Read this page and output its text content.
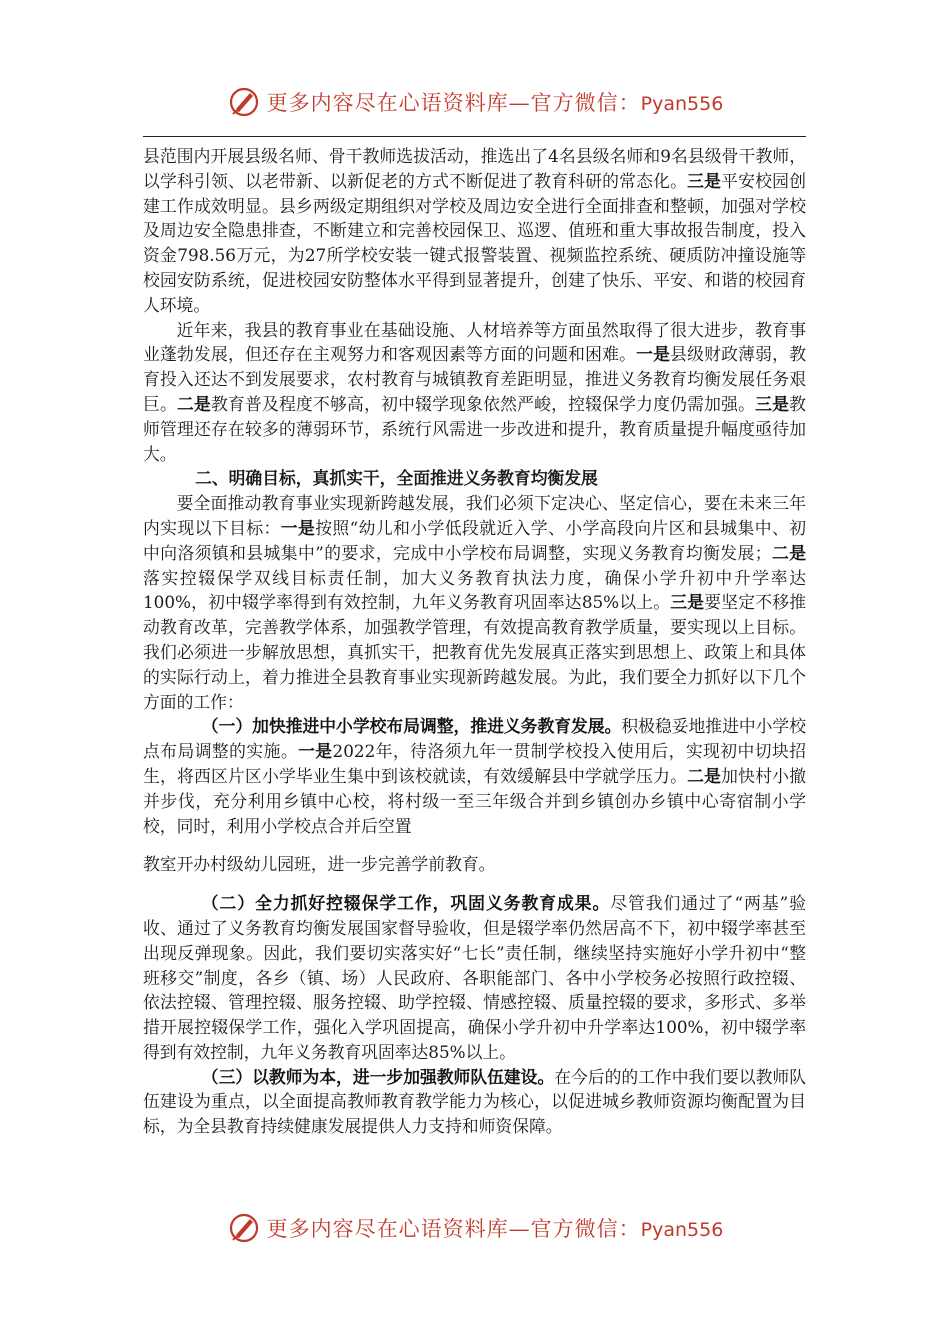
更多内容尽在心语资料库—官方微信：Pyan556

县范围内开展县级名师、骨干教师选拔活动，推选出了4名县级名师和9名县级骨干教师，以学科引领、以老带新、以新促老的方式不断促进了教育科研的常态化。三是平安校园创建工作成效明显。县乡两级定期组织对学校及周边安全进行全面排查和整顿，加强对学校及周边安全隐患排查，不断建立和完善校园保卫、巡逻、值班和重大事故报告制度，投入资金798.56万元，为27所学校安装一键式报警装置、视频监控系统、硬质防冲撞设施等校园安防系统，促进校园安防整体水平得到显著提升，创建了快乐、平安、和谐的校园育人环境。

近年来，我县的教育事业在基础设施、人材培养等方面虽然取得了很大进步，教育事业蓬勃发展，但还存在主观努力和客观因素等方面的问题和困难。一是县级财政薄弱，教育投入还达不到发展要求，农村教育与城镇教育差距明显，推进义务教育均衡发展任务艰巨。二是教育普及程度不够高，初中辍学现象依然严峻，控辍保学力度仍需加强。三是教师管理还存在较多的薄弱环节，系统行风需进一步改进和提升，教育质量提升幅度亟待加大。

二、明确目标，真抓实干，全面推进义务教育均衡发展

要全面推动教育事业实现新跨越发展，我们必须下定决心、坚定信心，要在未来三年内实现以下目标：一是按照“幼儿和小学低段就近入学、小学高段向片区和县城集中、初中向洛须镇和县城集中”的要求，完成中小学校布局调整，实现义务教育均衡发展；二是落实控辍保学双线目标责任制，加大义务教育执法力度，确保小学升初中升学率达100%，初中辍学率得到有效控制，九年义务教育巩固率达85%以上。三是要坚定不移推动教育改革，完善教学体系，加强教学管理，有效提高教育教学质量，要实现以上目标。我们必须进一步解放思想，真抓实干，把教育优先发展真正落实到思想上、政策上和具体的实际行动上，着力推进全县教育事业实现新跨越发展。为此，我们要全力抓好以下几个方面的工作：

（一）加快推进中小学校布局调整，推进义务教育发展。积极稳妥地推进中小学校点布局调整的实施。一是2022年，待洛须九年一贯制学校投入使用后，实现初中切块招生，将西区片区小学毕业生集中到该校就读，有效缓解县中学就学压力。二是加快村小撤并步伐，充分利用乡镇中心校，将村级一至三年级合并到乡镇创办乡镇中心寄宿制小学校，同时，利用小学校点合并后空置

教室开办村级幼儿园班，进一步完善学前教育。

（二）全力抓好控辍保学工作，巩固义务教育成果。尽管我们通过了“两基”验收、通过了义务教育均衡发展国家督导验收，但是辍学率仍然居高不下，初中辍学率甚至出现反弹现象。因此，我们要切实落实好“七长”责任制，继续坚持实施好小学升初中“整班移交”制度，各乡（镇、场）人民政府、各职能部门、各中小学校务必按照行政控辍、依法控辍、管理控辍、服务控辍、助学控辍、情感控辍、质量控辍的要求，多形式、多举措开展控辍保学工作，强化入学巩固提高，确保小学升初中升学率达100%，初中辍学率得到有效控制，九年义务教育巩固率达85%以上。

（三）以教师为本，进一步加强教师队伍建设。在今后的的工作中我们要以教师队伍建设为重点，以全面提高教师教育教学能力为核心，以促进城乡教师资源均衡配置为目标，为全县教育持续健康发展提供人力支持和师资保障。

更多内容尽在心语资料库—官方微信：Pyan556
